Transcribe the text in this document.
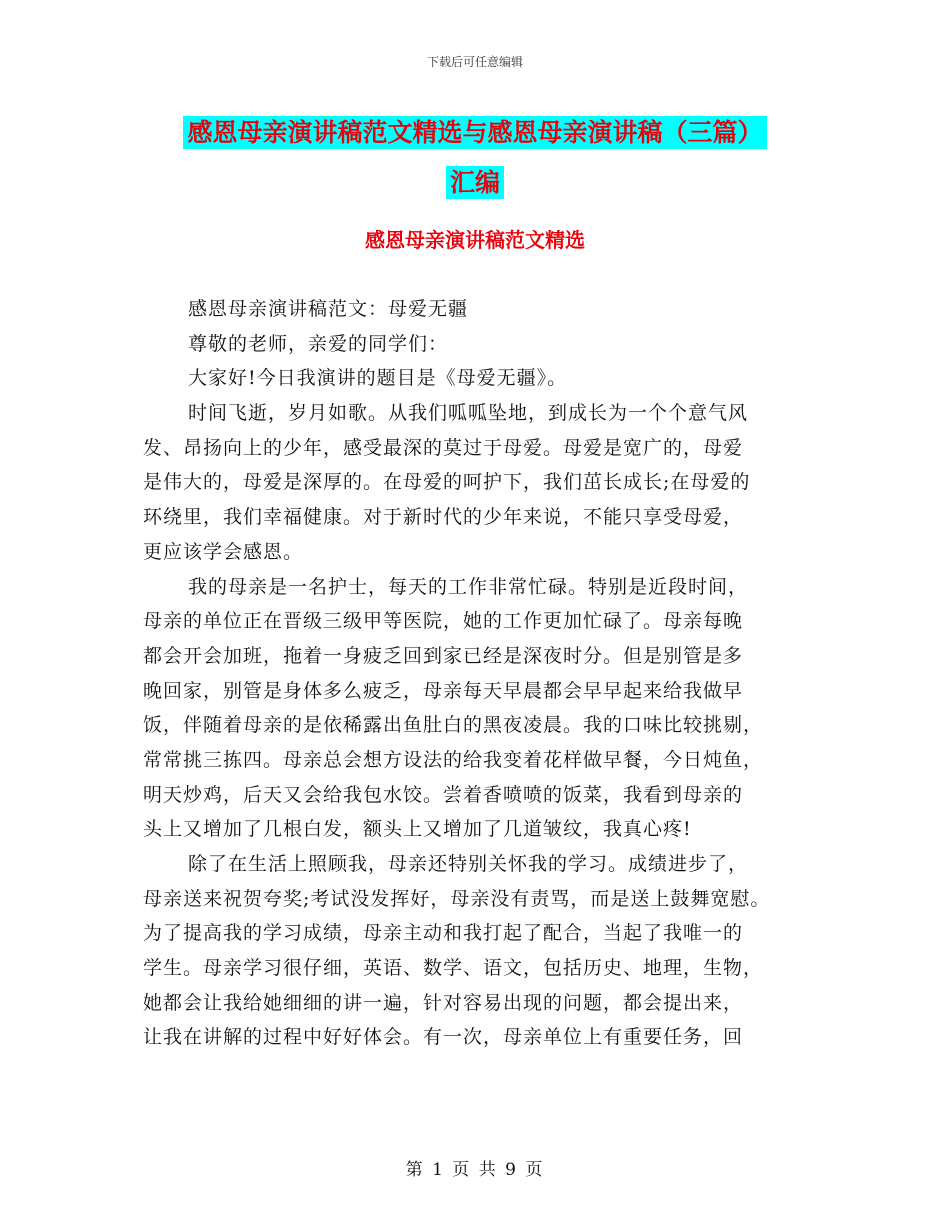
下载后可任意编辑
感恩母亲演讲稿范文精选与感恩母亲演讲稿（三篇）
汇编
感恩母亲演讲稿范文精选
感恩母亲演讲稿范文：母爱无疆
尊敬的老师，亲爱的同学们：
大家好!今日我演讲的题目是《母爱无疆》。
时间飞逝，岁月如歌。从我们呱呱坠地，到成长为一个个意气风
发、昂扬向上的少年，感受最深的莫过于母爱。母爱是宽广的，母爱
是伟大的，母爱是深厚的。在母爱的呵护下，我们茁长成长;在母爱的
环绕里，我们幸福健康。对于新时代的少年来说，不能只享受母爱，
更应该学会感恩。
我的母亲是一名护士，每天的工作非常忙碌。特别是近段时间，
母亲的单位正在晋级三级甲等医院，她的工作更加忙碌了。母亲每晚
都会开会加班，拖着一身疲乏回到家已经是深夜时分。但是别管是多
晚回家，别管是身体多么疲乏，母亲每天早晨都会早早起来给我做早
饭，伴随着母亲的是依稀露出鱼肚白的黑夜凌晨。我的口味比较挑剔，
常常挑三拣四。母亲总会想方设法的给我变着花样做早餐，今日炖鱼，
明天炒鸡，后天又会给我包水饺。尝着香喷喷的饭菜，我看到母亲的
头上又增加了几根白发，额头上又增加了几道皱纹，我真心疼!
除了在生活上照顾我，母亲还特别关怀我的学习。成绩进步了，
母亲送来祝贺夸奖;考试没发挥好，母亲没有责骂，而是送上鼓舞宽慰。
为了提高我的学习成绩，母亲主动和我打起了配合，当起了我唯一的
学生。母亲学习很仔细，英语、数学、语文，包括历史、地理，生物，
她都会让我给她细细的讲一遍，针对容易出现的问题，都会提出来，
让我在讲解的过程中好好体会。有一次，母亲单位上有重要任务，回
第 1 页 共 9 页
